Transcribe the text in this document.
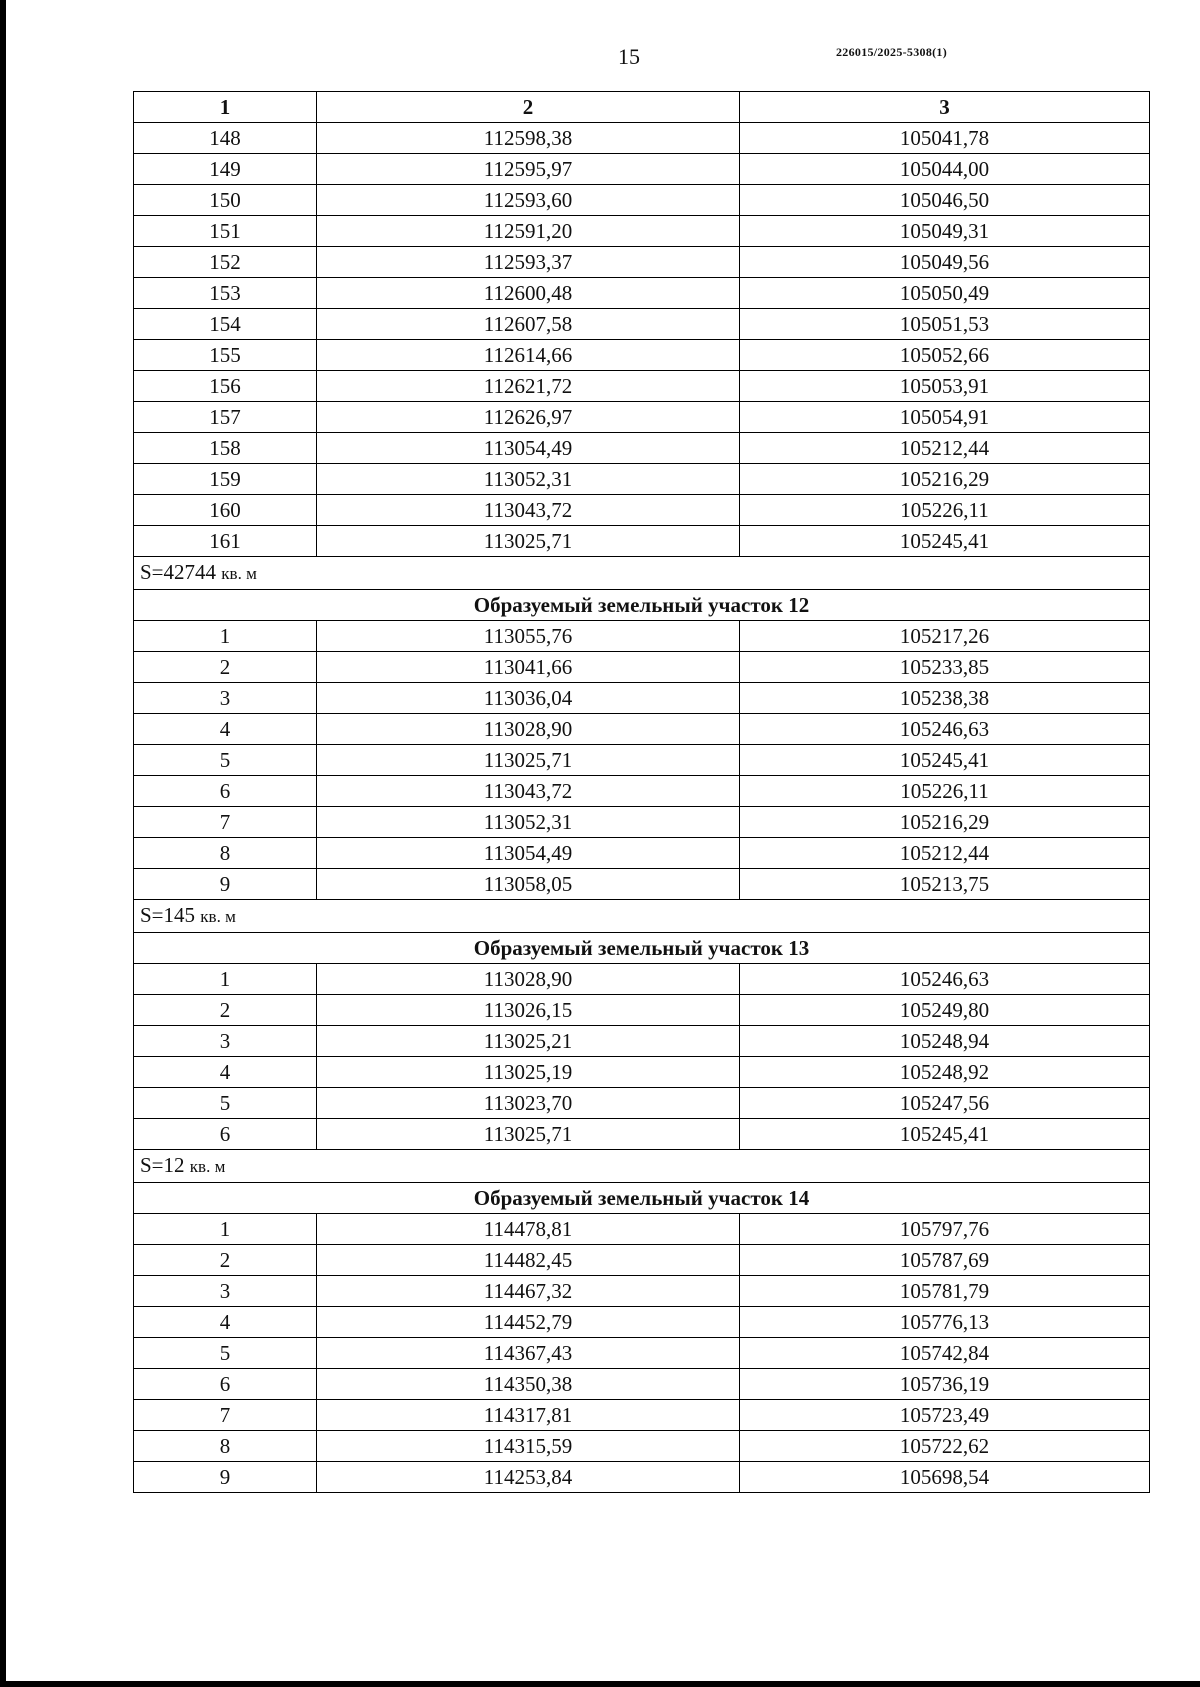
15	226015/2025-5308(1)
1	2	3
148	112598,38	105041,78
149	112595,97	105044,00
150	112593,60	105046,50
151	112591,20	105049,31
152	112593,37	105049,56
153	112600,48	105050,49
154	112607,58	105051,53
155	112614,66	105052,66
156	112621,72	105053,91
157	112626,97	105054,91
158	113054,49	105212,44
159	113052,31	105216,29
160	113043,72	105226,11
161	113025,71	105245,41
S=42744 кв. м		
Образуемый земельный участок 12		
1	113055,76	105217,26
2	113041,66	105233,85
3	113036,04	105238,38
4	113028,90	105246,63
5	113025,71	105245,41
6	113043,72	105226,11
7	113052,31	105216,29
8	113054,49	105212,44
9	113058,05	105213,75
S=145 кв. м		
Образуемый земельный участок 13		
1	113028,90	105246,63
2	113026,15	105249,80
3	113025,21	105248,94
4	113025,19	105248,92
5	113023,70	105247,56
6	113025,71	105245,41
S=12 кв. м		
Образуемый земельный участок 14		
1	114478,81	105797,76
2	114482,45	105787,69
3	114467,32	105781,79
4	114452,79	105776,13
5	114367,43	105742,84
6	114350,38	105736,19
7	114317,81	105723,49
8	114315,59	105722,62
9	114253,84	105698,54
